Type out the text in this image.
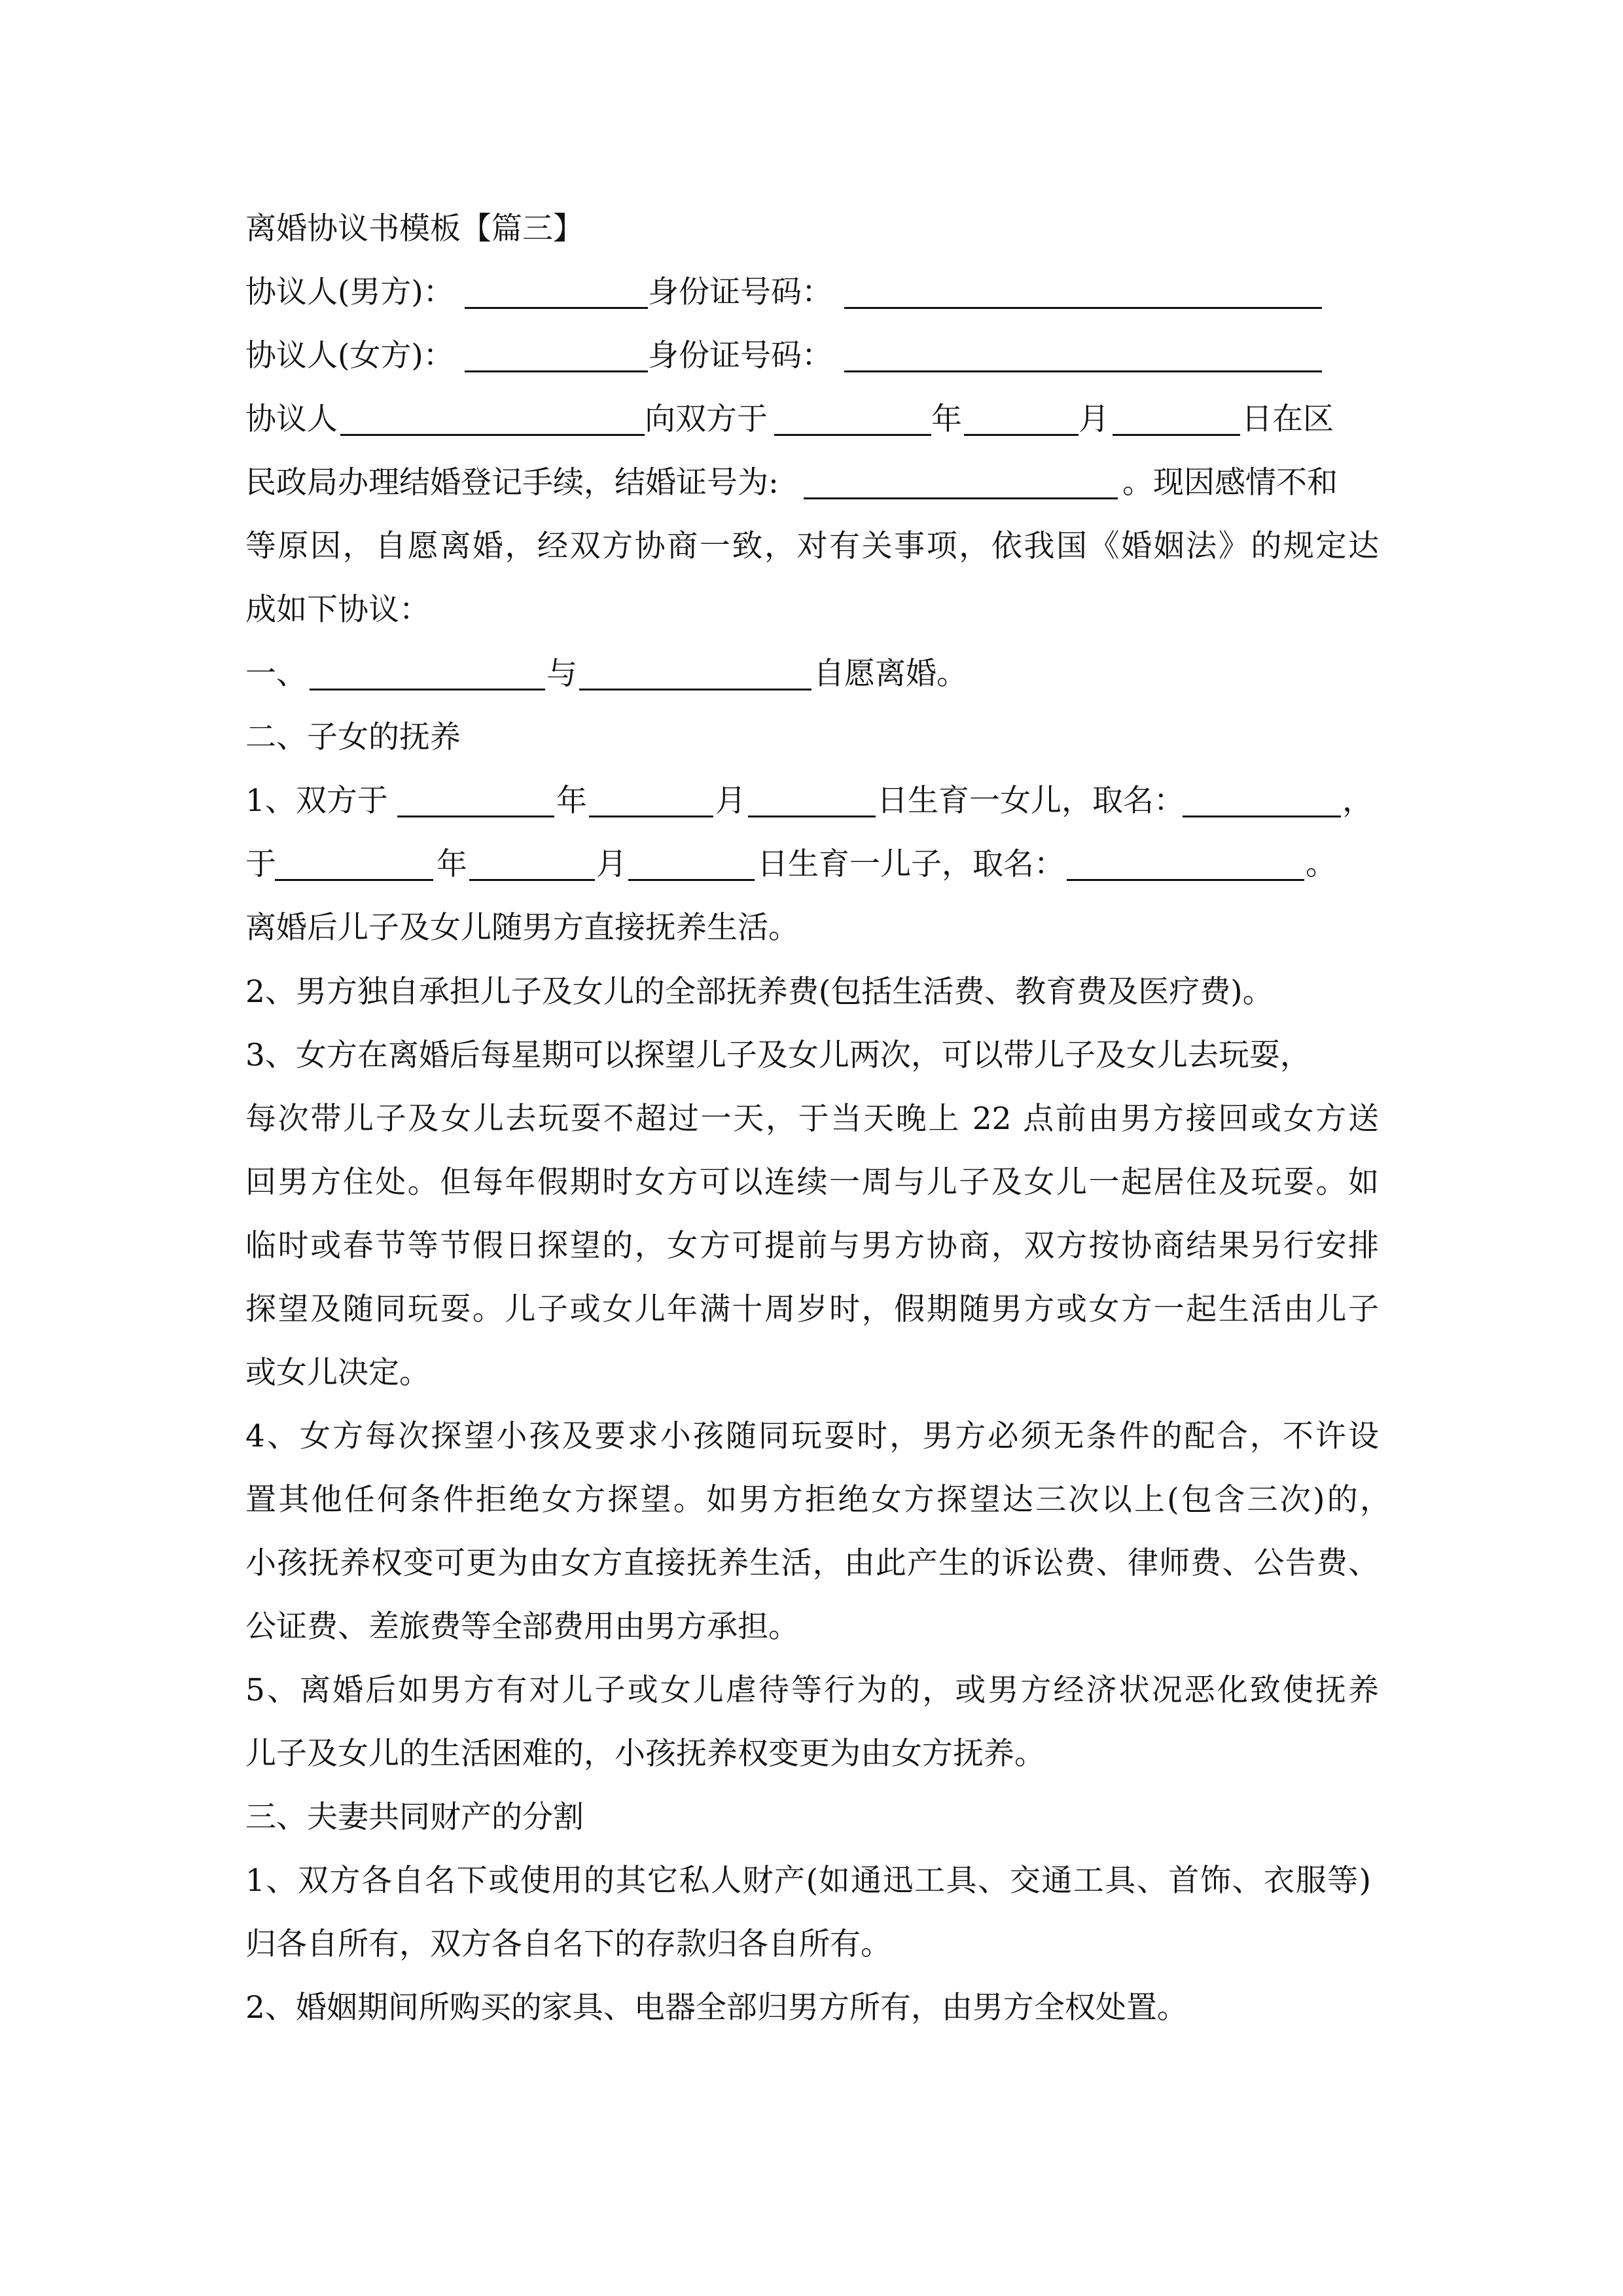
离婚协议书模板【篇三】
协议人(男方)：	身份证号码：
协议人(女方)：	身份证号码：
协议人	向双方于	年	月	日在区
民政局办理结婚登记手续，结婚证号为:	。现因感情不和
等原因，自愿离婚，经双方协商一致，对有关事项，依我国《婚姻法》的规定达
成如下协议：
一、	与	自愿离婚。
二、子女的抚养
1、双方于	年	月	日生育一女儿，取名：	，
于	年	月	日生育一儿子，取名：	。
离婚后儿子及女儿随男方直接抚养生活。
2、男方独自承担儿子及女儿的全部抚养费(包括生活费、教育费及医疗费)。
3、女方在离婚后每星期可以探望儿子及女儿两次，可以带儿子及女儿去玩耍，
每次带儿子及女儿去玩耍不超过一天，于当天晚上 22 点前由男方接回或女方送
回男方住处。但每年假期时女方可以连续一周与儿子及女儿一起居住及玩耍。如
临时或春节等节假日探望的，女方可提前与男方协商，双方按协商结果另行安排
探望及随同玩耍。儿子或女儿年满十周岁时，假期随男方或女方一起生活由儿子
或女儿决定。
4、女方每次探望小孩及要求小孩随同玩耍时，男方必须无条件的配合，不许设
置其他任何条件拒绝女方探望。如男方拒绝女方探望达三次以上(包含三次)的，
小孩抚养权变可更为由女方直接抚养生活，由此产生的诉讼费、律师费、公告费、
公证费、差旅费等全部费用由男方承担。
5、离婚后如男方有对儿子或女儿虐待等行为的，或男方经济状况恶化致使抚养
儿子及女儿的生活困难的，小孩抚养权变更为由女方抚养。
三、夫妻共同财产的分割
1、双方各自名下或使用的其它私人财产(如通迅工具、交通工具、首饰、衣服等)
归各自所有，双方各自名下的存款归各自所有。
2、婚姻期间所购买的家具、电器全部归男方所有，由男方全权处置。
